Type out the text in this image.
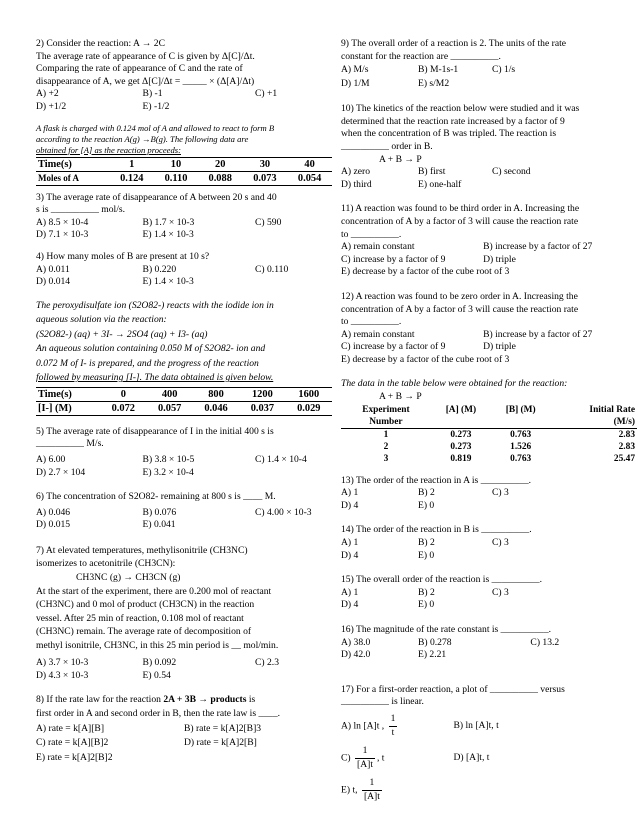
2) Consider the reaction: A → 2C
The average rate of appearance of C is given by Δ[C]/Δt.
Comparing the rate of appearance of C and the rate of
disappearance of A, we get Δ[C]/Δt = _____ × (Δ[A]/Δt)
A) +2	B) -1	C) +1
D) +1/2	E) -1/2
A flask is charged with 0.124 mol of A and allowed to react to form B
according to the reaction A(g) →B(g). The following data are
obtained for [A] as the reaction proceeds:
Time(s)	1	10	20	30	40
Moles of A	0.124	0.110	0.088	0.073	0.054
3) The average rate of disappearance of A between 20 s and 40
s is __________ mol/s.
A) 8.5 × 10-4	B) 1.7 × 10-3	C) 590
D) 7.1 × 10-3	E) 1.4 × 10-3
4) How many moles of B are present at 10 s?
A) 0.011	B) 0.220	C) 0.110
D) 0.014	E) 1.4 × 10-3
The peroxydisulfate ion (S2O82-) reacts with the iodide ion in
aqueous solution via the reaction:
(S2O82-) (aq) + 3I- → 2SO4 (aq) + I3- (aq)
An aqueous solution containing 0.050 M of S2O82- ion and
0.072 M of I- is prepared, and the progress of the reaction
followed by measuring [I-]. The data obtained is given below.
Time(s)	0	400	800	1200	1600
[I-] (M)	0.072	0.057	0.046	0.037	0.029
5) The average rate of disappearance of I in the initial 400 s is
__________ M/s.
A) 6.00	B) 3.8 × 10-5	C) 1.4 × 10-4
D) 2.7 × 104	E) 3.2 × 10-4
6) The concentration of S2O82- remaining at 800 s is ____ M.
A) 0.046	B) 0.076	C) 4.00 × 10-3
D) 0.015	E) 0.041
7) At elevated temperatures, methylisonitrile (CH3NC)
isomerizes to acetonitrile (CH3CN):
CH3NC (g) → CH3CN (g)
At the start of the experiment, there are 0.200 mol of reactant
(CH3NC) and 0 mol of product (CH3CN) in the reaction
vessel. After 25 min of reaction, 0.108 mol of reactant
(CH3NC) remain. The average rate of decomposition of
methyl isonitrile, CH3NC, in this 25 min period is __ mol/min.
A) 3.7 × 10-3	B) 0.092	C) 2.3
D) 4.3 × 10-3	E) 0.54
8) If the rate law for the reaction 2A + 3B → products is
first order in A and second order in B, then the rate law is ____.
A) rate = k[A][B]	B) rate = k[A]2[B]3
C) rate = k[A][B]2	D) rate = k[A]2[B]
E) rate = k[A]2[B]2
9) The overall order of a reaction is 2. The units of the rate
constant for the reaction are __________.
A) M/s	B) M-1s-1	C) 1/s
D) 1/M	E) s/M2
10) The kinetics of the reaction below were studied and it was
determined that the reaction rate increased by a factor of 9
when the concentration of B was tripled. The reaction is
__________ order in B.
A + B → P
A) zero	B) first	C) second
D) third	E) one-half
11) A reaction was found to be third order in A. Increasing the
concentration of A by a factor of 3 will cause the reaction rate
to __________.
A) remain constant	B) increase by a factor of 27
C) increase by a factor of 9	D) triple
E) decrease by a factor of the cube root of 3
12) A reaction was found to be zero order in A. Increasing the
concentration of A by a factor of 3 will cause the reaction rate
to __________.
A) remain constant	B) increase by a factor of 27
C) increase by a factor of 9	D) triple
E) decrease by a factor of the cube root of 3
The data in the table below were obtained for the reaction:
A + B → P
Experiment
Number	[A] (M)	[B] (M)	Initial Rate
(M/s)
1	0.273	0.763	2.83
2	0.273	1.526	2.83
3	0.819	0.763	25.47
13) The order of the reaction in A is __________.
A) 1	B) 2	C) 3
D) 4	E) 0
14) The order of the reaction in B is __________.
A) 1	B) 2	C) 3
D) 4	E) 0
15) The overall order of the reaction is __________.
A) 1	B) 2	C) 3
D) 4	E) 0
16) The magnitude of the rate constant is __________.
A) 38.0	B) 0.278	C) 13.2
D) 42.0	E) 2.21
17) For a first-order reaction, a plot of __________ versus
__________ is linear.
A) ln [A]t , $\frac{1}{t}$	B) ln [A]t, t
$C) \frac{1}{[A]t}$ , t	D) [A]t, t
E) t, $\frac{1}{[A]t}$
